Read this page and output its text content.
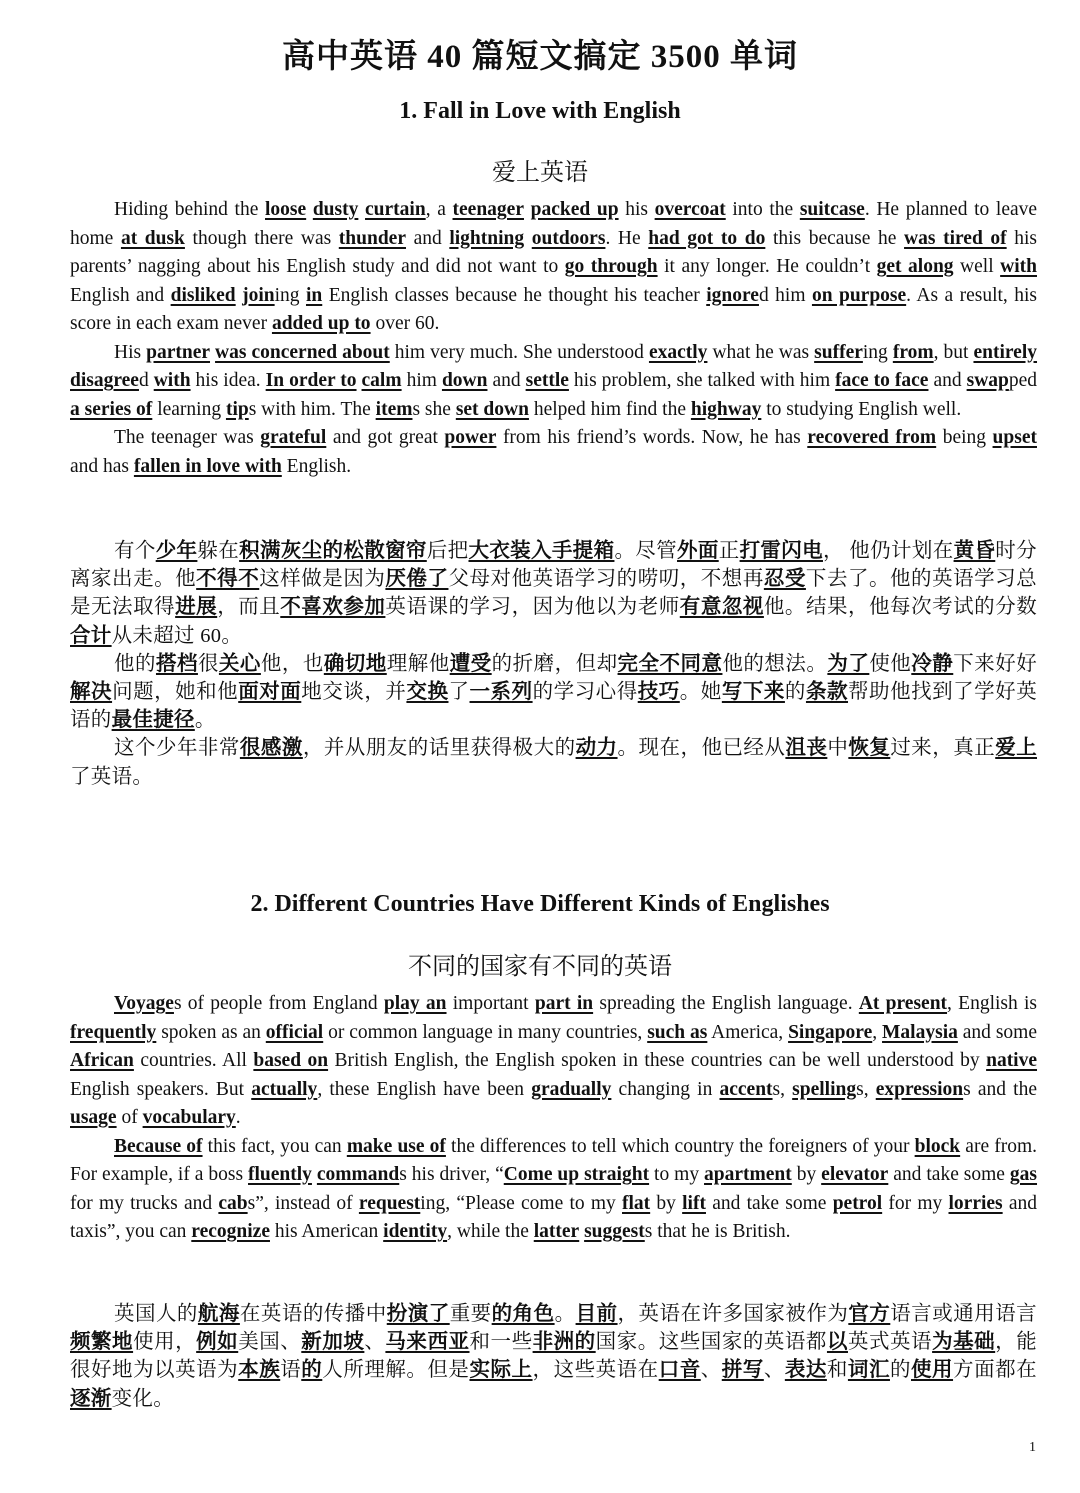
高中英语 40 篇短文搞定 3500 单词
1. Fall in Love with English
爱上英语

Hiding behind the loose dusty curtain, a teenager packed up his overcoat into the suitcase. He planned to leave home at dusk though there was thunder and lightning outdoors. He had got to do this because he was tired of his parents’ nagging about his English study and did not want to go through it any longer. He couldn’t get along well with English and disliked joining in English classes because he thought his teacher ignored him on purpose. As a result, his score in each exam never added up to over 60.

His partner was concerned about him very much. She understood exactly what he was suffering from, but entirely disagreed with his idea. In order to calm him down and settle his problem, she talked with him face to face and swapped a series of learning tips with him. The items she set down helped him find the highway to studying English well.

The teenager was grateful and got great power from his friend’s words. Now, he has recovered from being upset and has fallen in love with English.

有个少年躲在积满灰尘的松散窗帘后把大衣装入手提箱。尽管外面正打雷闪电， 他仍计划在黄昏时分离家出走。他不得不这样做是因为厌倦了父母对他英语学习的唠叨，不想再忍受下去了。他的英语学习总是无法取得进展，而且不喜欢参加英语课的学习，因为他以为老师有意忽视他。结果，他每次考试的分数合计从未超过 60。

他的搭档很关心他，也确切地理解他遭受的折磨，但却完全不同意他的想法。为了使他冷静下来好好解决问题，她和他面对面地交谈，并交换了一系列的学习心得技巧。她写下来的条款帮助他找到了学好英语的最佳捷径。

这个少年非常很感激，并从朋友的话里获得极大的动力。现在，他已经从沮丧中恢复过来，真正爱上了英语。

2. Different Countries Have Different Kinds of Englishes
不同的国家有不同的英语

Voyages of people from England play an important part in spreading the English language. At present, English is frequently spoken as an official or common language in many countries, such as America, Singapore, Malaysia and some African countries. All based on British English, the English spoken in these countries can be well understood by native English speakers. But actually, these English have been gradually changing in accents, spellings, expressions and the usage of vocabulary.

Because of this fact, you can make use of the differences to tell which country the foreigners of your block are from. For example, if a boss fluently commands his driver, “Come up straight to my apartment by elevator and take some gas for my trucks and cabs”, instead of requesting, “Please come to my flat by lift and take some petrol for my lorries and taxis”, you can recognize his American identity, while the latter suggests that he is British.

英国人的航海在英语的传播中扮演了重要的角色。目前，英语在许多国家被作为官方语言或通用语言频繁地使用，例如美国、新加坡、马来西亚和一些非洲的国家。这些国家的英语都以英式英语为基础，能很好地为以英语为本族语的人所理解。但是实际上，这些英语在口音、拼写、表达和词汇的使用方面都在逐渐变化。

1
